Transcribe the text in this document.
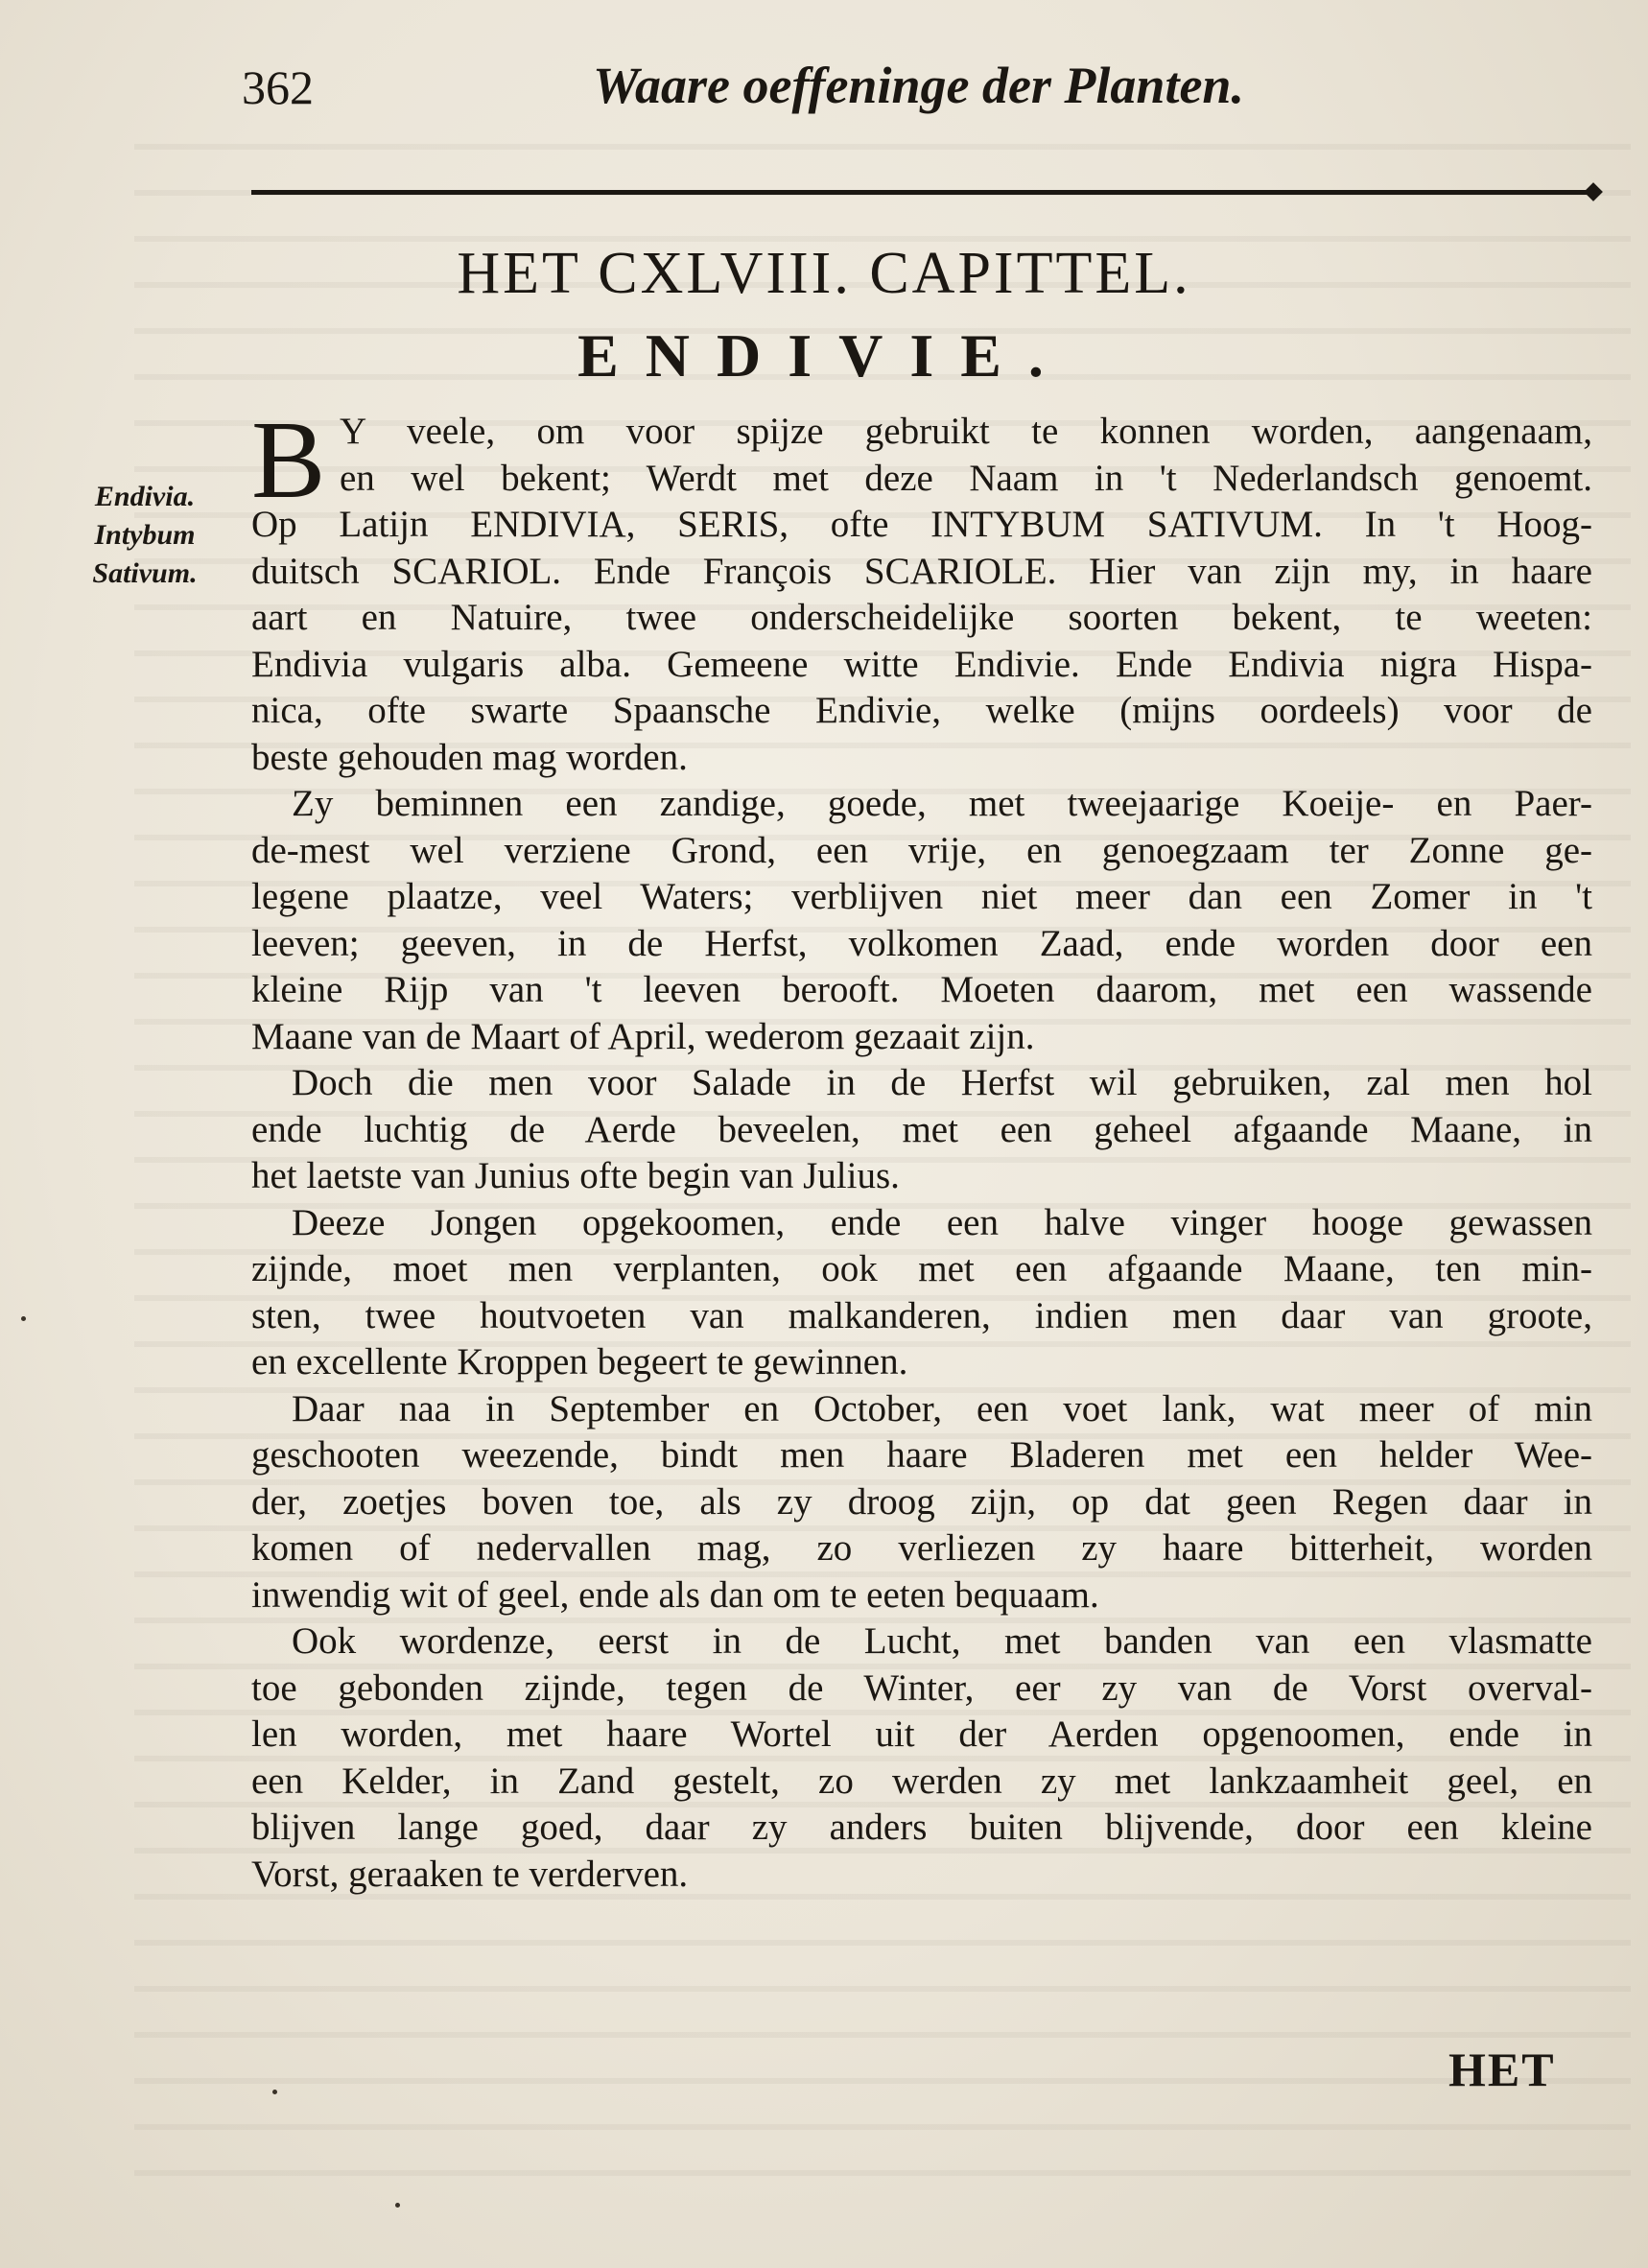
362	Waare oeffeninge der Planten.
HET CXLVIII. CAPITTEL.
ENDIVIE.
Endivia.
Intybum
Sativum.
B Y veele, om voor spijze gebruikt te konnen worden, aangenaam,
en wel bekent; Werdt met deze Naam in 't Nederlandsch genoemt.
Op Latijn ENDIVIA, SERIS, ofte INTYBUM SATIVUM. In 't Hoog-
duitsch SCARIOL. Ende François SCARIOLE. Hier van zijn my, in haare
aart en Natuire, twee onderscheidelijke soorten bekent, te weeten:
Endivia vulgaris alba. Gemeene witte Endivie. Ende Endivia nigra Hispa-
nica, ofte swarte Spaansche Endivie, welke (mijns oordeels) voor de
beste gehouden mag worden.
Zy beminnen een zandige, goede, met tweejaarige Koeije- en Paer-
de-mest wel verziene Grond, een vrije, en genoegzaam ter Zonne ge-
legene plaatze, veel Waters; verblijven niet meer dan een Zomer in 't
leeven; geeven, in de Herfst, volkomen Zaad, ende worden door een
kleine Rijp van 't leeven berooft. Moeten daarom, met een wassende
Maane van de Maart of April, wederom gezaait zijn.
Doch die men voor Salade in de Herfst wil gebruiken, zal men hol
ende luchtig de Aerde beveelen, met een geheel afgaande Maane, in
het laetste van Junius ofte begin van Julius.
Deeze Jongen opgekoomen, ende een halve vinger hooge gewassen
zijnde, moet men verplanten, ook met een afgaande Maane, ten min-
sten, twee houtvoeten van malkanderen, indien men daar van groote,
en excellente Kroppen begeert te gewinnen.
Daar naa in September en October, een voet lank, wat meer of min
geschooten weezende, bindt men haare Bladeren met een helder Wee-
der, zoetjes boven toe, als zy droog zijn, op dat geen Regen daar in
komen of nedervallen mag, zo verliezen zy haare bitterheit, worden
inwendig wit of geel, ende als dan om te eeten bequaam.
Ook wordenze, eerst in de Lucht, met banden van een vlasmatte
toe gebonden zijnde, tegen de Winter, eer zy van de Vorst overval-
len worden, met haare Wortel uit der Aerden opgenoomen, ende in
een Kelder, in Zand gestelt, zo werden zy met lankzaamheit geel, en
blijven lange goed, daar zy anders buiten blijvende, door een kleine
Vorst, geraaken te verderven.
HET
